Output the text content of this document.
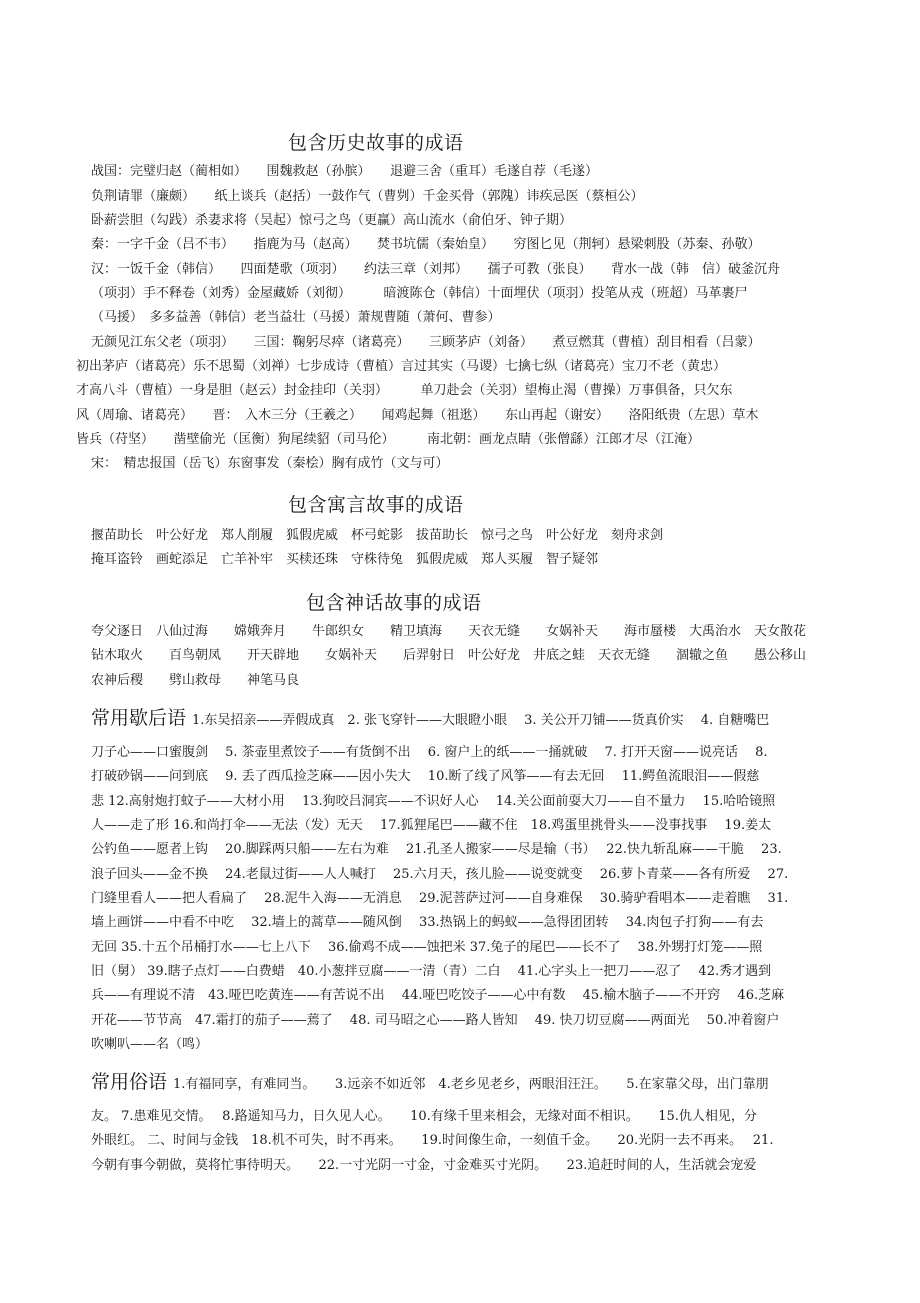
包含历史故事的成语
战国：完璧归赵（蔺相如）　　围魏救赵（孙膑）　　退避三舍（重耳）毛遂自荐（毛遂）
负荆请罪（廉颇）　　纸上谈兵（赵括）一鼓作气（曹刿）千金买骨（郭隗）讳疾忌医（蔡桓公）
卧薪尝胆（勾践）杀妻求将（吴起）惊弓之鸟（更赢）高山流水（俞伯牙、钟子期）
秦：一字千金（吕不韦）　　指鹿为马（赵高）　　焚书坑儒（秦始皇）　　穷图匕见（荆轲）悬梁刺股（苏秦、孙敬）
汉：一饭千金（韩信）　　四面楚歌（项羽）　　约法三章（刘邦）　　孺子可教（张良）　　背水一战（韩　信）破釜沉舟
（项羽）手不释卷（刘秀）金屋藏娇（刘彻）　　　暗渡陈仓（韩信）十面埋伏（项羽）投笔从戎（班超）马革裹尸
（马援）　多多益善（韩信）老当益壮（马援）萧规曹随（萧何、曹参）
无颜见江东父老（项羽）　　三国：鞠躬尽瘁（诸葛亮）　　三顾茅庐（刘备）　　煮豆燃萁（曹植）刮目相看（吕蒙）
初出茅庐（诸葛亮）乐不思蜀（刘禅）七步成诗（曹植）言过其实（马谡）七擒七纵（诸葛亮）宝刀不老（黄忠）
才高八斗（曹植）一身是胆（赵云）封金挂印（关羽）　　　单刀赴会（关羽）望梅止渴（曹操）万事俱备，只欠东
风（周瑜、诸葛亮）　　晋：　入木三分（王羲之）　　闻鸡起舞（祖逖）　　东山再起（谢安）　　洛阳纸贵（左思）草木
皆兵（苻坚）　　凿壁偷光（匡衡）狗尾续貂（司马伦）　　　南北朝：画龙点睛（张僧繇）江郎才尽（江淹）
宋：　精忠报国（岳飞）东窗事发（秦桧）胸有成竹（文与可）
包含寓言故事的成语
揠苗助长　叶公好龙　郑人削履　狐假虎威　杯弓蛇影　拔苗助长　惊弓之鸟　叶公好龙　刻舟求剑
掩耳盗铃　画蛇添足　亡羊补牢　买椟还珠　守株待兔　狐假虎威　郑人买履　智子疑邻
包含神话故事的成语
夸父逐日　八仙过海　　嫦娥奔月　　牛郎织女　　精卫填海　　天衣无缝　　女娲补天　　海市蜃楼　大禹治水　天女散花
钻木取火　　百鸟朝凤　　开天辟地　　女娲补天　　后羿射日　叶公好龙　井底之蛙　天衣无缝　　涸辙之鱼　　愚公移山
农神后稷　　劈山救母　　神笔马良
常用歇后语 1.东吴招亲——弄假成真　2. 张飞穿针——大眼瞪小眼　 3. 关公开刀铺——货真价实　 4. 自糖嘴巴
刀子心——口蜜腹剑　 5. 茶壶里煮饺子——有货倒不出　 6. 窗户上的纸——一捅就破　 7. 打开天窗——说亮话　 8.
打破砂锅——问到底　 9. 丢了西瓜捡芝麻——因小失大　 10.断了线了风筝——有去无回　 11.鳄鱼流眼泪——假慈
悲 12.高射炮打蚊子——大材小用　 13.狗咬吕洞宾——不识好人心　 14.关公面前耍大刀——自不量力　 15.哈哈镜照
人——走了形 16.和尚打伞——无法（发）无天　 17.狐狸尾巴——藏不住　18.鸡蛋里挑骨头——没事找事　 19.姜太
公钓鱼——愿者上钩　 20.脚踩两只船——左右为难　 21.孔圣人搬家——尽是输（书）　 22.快九斩乱麻——干脆　 23.
浪子回头——金不换　 24.老鼠过街——人人喊打　 25.六月天，孩儿脸——说变就变　 26.萝卜青菜——各有所爱　 27.
门缝里看人——把人看扁了　 28.泥牛入海——无消息　 29.泥菩萨过河——自身难保　 30.骑驴看唱本——走着瞧　 31.
墙上画饼——中看不中吃　 32.墙上的蒿草——随风倒　 33.热锅上的蚂蚁——急得团团转　 34.肉包子打狗——有去
无回 35.十五个吊桶打水——七上八下　 36.偷鸡不成——蚀把米 37.兔子的尾巴——长不了　 38.外甥打灯笼——照
旧（舅） 39.瞎子点灯——白费蜡　40.小葱拌豆腐——一清（青）二白　 41.心字头上一把刀——忍了　 42.秀才遇到
兵——有理说不清　43.哑巴吃黄连——有苦说不出　 44.哑巴吃饺子——心中有数　 45.榆木脑子——不开窍　 46.芝麻
开花——节节高　47.霜打的茄子——蔫了　 48. 司马昭之心——路人皆知　 49. 快刀切豆腐——两面光　 50.冲着窗户
吹喇叭——名（鸣）
常用俗语 1.有福同享，有难同当。　　3.远亲不如近邻　4.老乡见老乡，两眼泪汪汪。　　5.在家靠父母，出门靠朋
友。 7.患难见交情。　 8.路遥知马力，日久见人心。　　10.有缘千里来相会，无缘对面不相识。　　15.仇人相见，分
外眼红。 二、时间与金钱　18.机不可失，时不再来。　　19.时间像生命，一刻值千金。　　20.光阴一去不再来。　 21.
今朝有事今朝做，莫将忙事待明天。　　22.一寸光阴一寸金，寸金难买寸光阴。　　23.追赶时间的人，生活就会宠爱
